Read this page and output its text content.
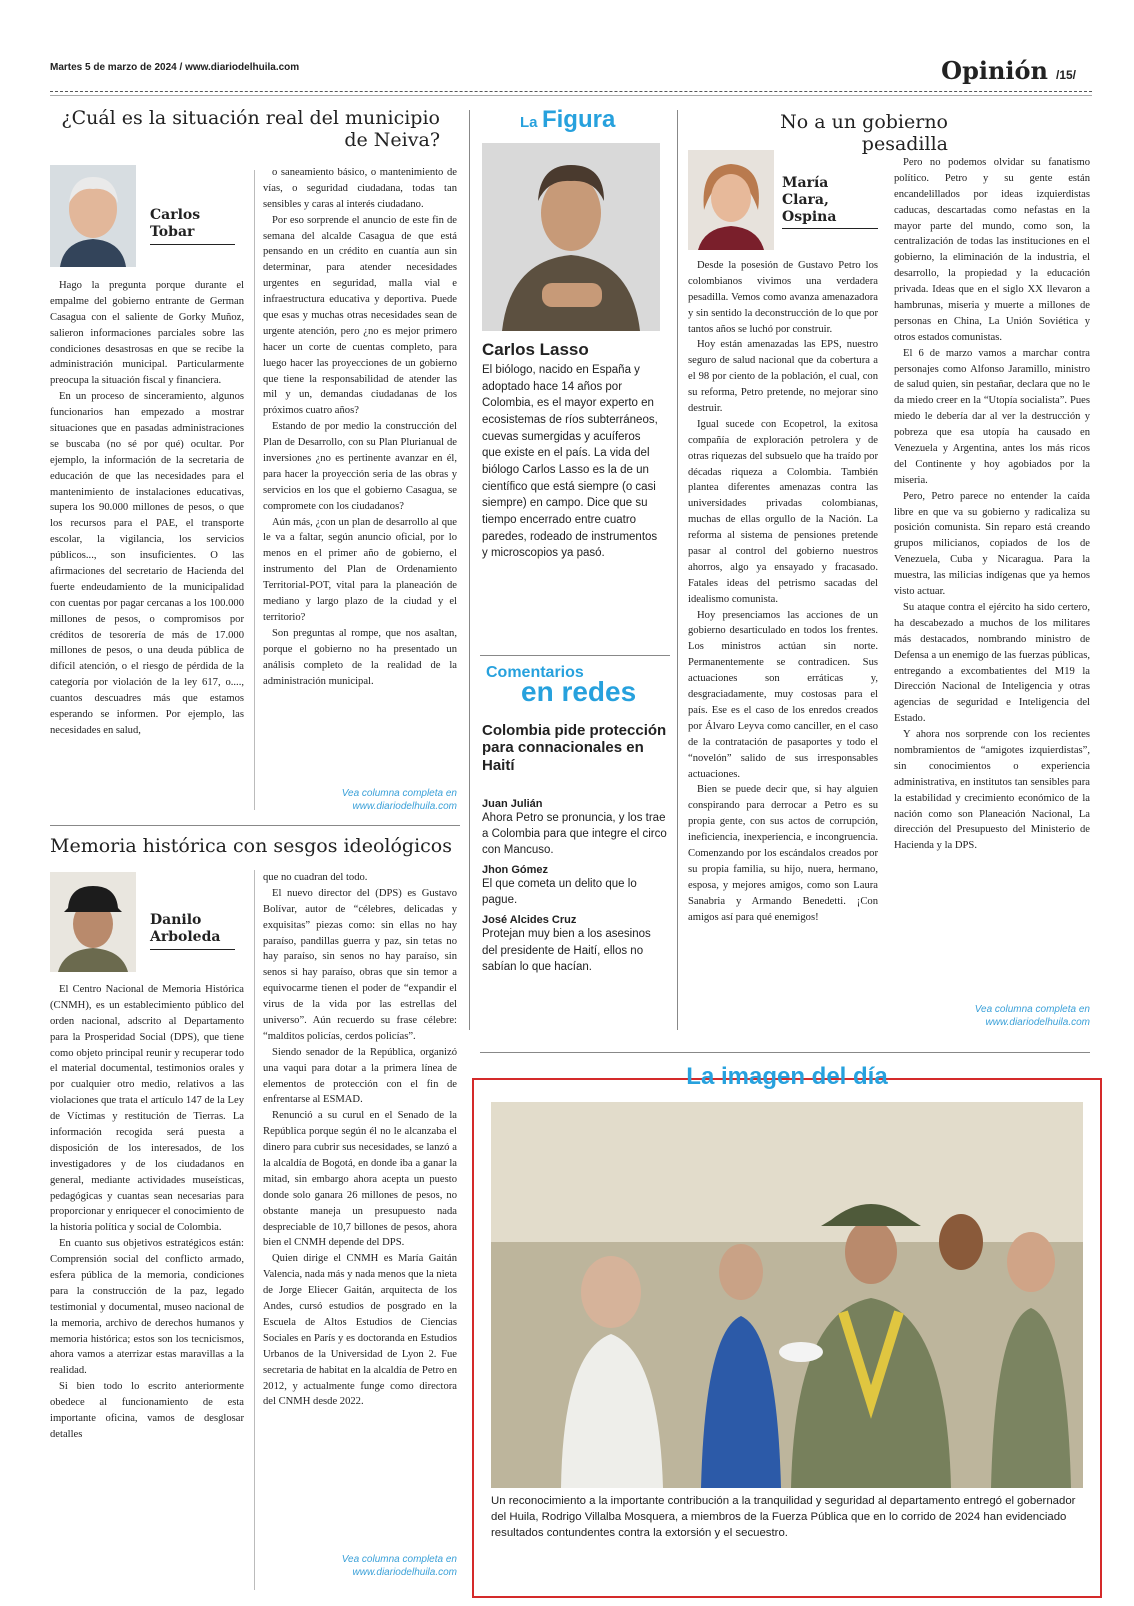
Martes 5 de marzo de 2024 / www.diariodelhuila.com	Opinión /15/
¿Cuál es la situación real del municipio de Neiva?
Carlos Tobar

Hago la pregunta porque durante el empalme del gobierno entrante de German Casagua con el saliente de Gorky Muñoz, salieron informaciones parciales sobre las condiciones desastrosas en que se recibe la administración municipal. Particularmente preocupa la situación fiscal y financiera.

En un proceso de sinceramiento, algunos funcionarios han empezado a mostrar situaciones que en pasadas administraciones se buscaba (no sé por qué) ocultar. Por ejemplo, la información de la secretaria de educación de que las necesidades para el mantenimiento de instalaciones educativas, supera los 90.000 millones de pesos, o que los recursos para el PAE, el transporte escolar, la vigilancia, los servicios públicos..., son insuficientes. O las afirmaciones del secretario de Hacienda del fuerte endeudamiento de la municipalidad con cuentas por pagar cercanas a los 100.000 millones de pesos, o compromisos por créditos de tesorería de más de 17.000 millones de pesos, o una deuda pública de difícil atención, o el riesgo de pérdida de la categoría por violación de la ley 617, o...., cuantos descuadres más que estamos esperando se informen. Por ejemplo, las necesidades en salud,

o saneamiento básico, o mantenimiento de vías, o seguridad ciudadana, todas tan sensibles y caras al interés ciudadano.

Por eso sorprende el anuncio de este fin de semana del alcalde Casagua de que está pensando en un crédito en cuantía aun sin determinar, para atender necesidades urgentes en seguridad, malla vial e infraestructura educativa y deportiva. Puede que esas y muchas otras necesidades sean de urgente atención, pero ¿no es mejor primero hacer un corte de cuentas completo, para luego hacer las proyecciones de un gobierno que tiene la responsabilidad de atender las mil y un, demandas ciudadanas de los próximos cuatro años?

Estando de por medio la construcción del Plan de Desarrollo, con su Plan Plurianual de inversiones ¿no es pertinente avanzar en él, para hacer la proyección seria de las obras y servicios en los que el gobierno Casagua, se compromete con los ciudadanos?

Aún más, ¿con un plan de desarrollo al que le va a faltar, según anuncio oficial, por lo menos en el primer año de gobierno, el instrumento del Plan de Ordenamiento Territorial-POT, vital para la planeación de mediano y largo plazo de la ciudad y el territorio?

Son preguntas al rompe, que nos asaltan, porque el gobierno no ha presentado un análisis completo de la realidad de la administración municipal.

Vea columna completa en
www.diariodelhuila.com
Memoria histórica con sesgos ideológicos
Danilo Arboleda

El Centro Nacional de Memoria Histórica (CNMH), es un establecimiento público del orden nacional, adscrito al Departamento para la Prosperidad Social (DPS), que tiene como objeto principal reunir y recuperar todo el material documental, testimonios orales y por cualquier otro medio, relativos a las violaciones que trata el artículo 147 de la Ley de Víctimas y restitución de Tierras. La información recogida será puesta a disposición de los interesados, de los investigadores y de los ciudadanos en general, mediante actividades museísticas, pedagógicas y cuantas sean necesarias para proporcionar y enriquecer el conocimiento de la historia política y social de Colombia.

En cuanto sus objetivos estratégicos están: Comprensión social del conflicto armado, esfera pública de la memoria, condiciones para la construcción de la paz, legado testimonial y documental, museo nacional de la memoria, archivo de derechos humanos y memoria histórica; estos son los tecnicismos, ahora vamos a aterrizar estas maravillas a la realidad.

Si bien todo lo escrito anteriormente obedece al funcionamiento de esta importante oficina, vamos de desglosar detalles

que no cuadran del todo.

El nuevo director del (DPS) es Gustavo Bolívar, autor de “célebres, delicadas y exquisitas” piezas como: sin ellas no hay paraíso, pandillas guerra y paz, sin tetas no hay paraíso, sin senos no hay paraíso, sin senos si hay paraíso, obras que sin temor a equivocarme tienen el poder de “expandir el virus de la vida por las estrellas del universo”. Aún recuerdo su frase célebre: “malditos policías, cerdos policías”.

Siendo senador de la República, organizó una vaqui para dotar a la primera línea de elementos de protección con el fin de enfrentarse al ESMAD.

Renunció a su curul en el Senado de la República porque según él no le alcanzaba el dinero para cubrir sus necesidades, se lanzó a la alcaldía de Bogotá, en donde iba a ganar la mitad, sin embargo ahora acepta un puesto donde solo ganara 26 millones de pesos, no obstante maneja un presupuesto nada despreciable de 10,7 billones de pesos, ahora bien el CNMH depende del DPS.

Quien dirige el CNMH es María Gaitán Valencia, nada más y nada menos que la nieta de Jorge Eliecer Gaitán, arquitecta de los Andes, cursó estudios de posgrado en la Escuela de Altos Estudios de Ciencias Sociales en París y es doctoranda en Estudios Urbanos de la Universidad de Lyon 2. Fue secretaria de habitat en la alcaldía de Petro en 2012, y actualmente funge como directora del CNMH desde 2022.

Vea columna completa en
www.diariodelhuila.com
La Figura
Carlos Lasso
El biólogo, nacido en España y adoptado hace 14 años por Colombia, es el mayor experto en ecosistemas de ríos subterráneos, cuevas sumergidas y acuíferos que existe en el país. La vida del biólogo Carlos Lasso es la de un científico que está siempre (o casi siempre) en campo. Dice que su tiempo encerrado entre cuatro paredes, rodeado de instrumentos y microscopios ya pasó.
Comentarios
en redes
Colombia pide protección para connacionales en Haití
Juan Julián
Ahora Petro se pronuncia, y los trae a Colombia para que integre el circo con Mancuso.
Jhon Gómez
El que cometa un delito que lo pague.
José Alcides Cruz
Protejan muy bien a los asesinos del presidente de Haití, ellos no sabían lo que hacían.
No a un gobierno pesadilla
María Clara, Ospina

Desde la posesión de Gustavo Petro los colombianos vivimos una verdadera pesadilla. Vemos como avanza amenazadora y sin sentido la deconstrucción de lo que por tantos años se luchó por construir.

Hoy están amenazadas las EPS, nuestro seguro de salud nacional que da cobertura a el 98 por ciento de la población, el cual, con su reforma, Petro pretende, no mejorar sino destruir.

Igual sucede con Ecopetrol, la exitosa compañía de exploración petrolera y de otras riquezas del subsuelo que ha traído por décadas riqueza a Colombia. También plantea diferentes amenazas contra las universidades privadas colombianas, muchas de ellas orgullo de la Nación. La reforma al sistema de pensiones pretende pasar al control del gobierno nuestros ahorros, algo ya ensayado y fracasado. Fatales ideas del petrismo sacadas del idealismo comunista.

Hoy presenciamos las acciones de un gobierno desarticulado en todos los frentes. Los ministros actúan sin norte. Permanentemente se contradicen. Sus actuaciones son erráticas y, desgraciadamente, muy costosas para el país. Ese es el caso de los enredos creados por Álvaro Leyva como canciller, en el caso de la contratación de pasaportes y todo el “novelón” salido de sus irresponsables actuaciones.

Bien se puede decir que, si hay alguien conspirando para derrocar a Petro es su propia gente, con sus actos de corrupción, ineficiencia, inexperiencia, e incongruencia. Comenzando por los escándalos creados por su propia familia, su hijo, nuera, hermano, esposa, y mejores amigos, como son Laura Sanabria y Armando Benedetti. ¡Con amigos así para qué enemigos!

Pero no podemos olvidar su fanatismo político. Petro y su gente están encandelillados por ideas izquierdistas caducas, descartadas como nefastas en la mayor parte del mundo, como son, la centralización de todas las instituciones en el gobierno, la eliminación de la industria, el desarrollo, la propiedad y la educación privada. Ideas que en el siglo XX llevaron a hambrunas, miseria y muerte a millones de personas en China, La Unión Soviética y otros estados comunistas.

El 6 de marzo vamos a marchar contra personajes como Alfonso Jaramillo, ministro de salud quien, sin pestañar, declara que no le da miedo creer en la “Utopía socialista”. Pues miedo le debería dar al ver la destrucción y pobreza que esa utopía ha causado en Venezuela y Argentina, antes los más ricos del Continente y hoy agobiados por la miseria.

Pero, Petro parece no entender la caída libre en que va su gobierno y radicaliza su posición comunista. Sin reparo está creando grupos milicianos, copiados de los de Venezuela, Cuba y Nicaragua. Para la muestra, las milicias indígenas que ya hemos visto actuar.

Su ataque contra el ejército ha sido certero, ha descabezado a muchos de los militares más destacados, nombrando ministro de Defensa a un enemigo de las fuerzas públicas, entregando a excombatientes del M19 la Dirección Nacional de Inteligencia y otras agencias de seguridad e Inteligencia del Estado.

Y ahora nos sorprende con los recientes nombramientos de “amigotes izquierdistas”, sin conocimientos o experiencia administrativa, en institutos tan sensibles para la estabilidad y crecimiento económico de la nación como son Planeación Nacional, La dirección del Presupuesto del Ministerio de Hacienda y la DPS.

Vea columna completa en
www.diariodelhuila.com
La imagen del día
Un reconocimiento a la importante contribución a la tranquilidad y seguridad al departamento entregó el gobernador del Huila, Rodrigo Villalba Mosquera, a miembros de la Fuerza Pública que en lo corrido de 2024 han evidenciado resultados contundentes contra la extorsión y el secuestro.
